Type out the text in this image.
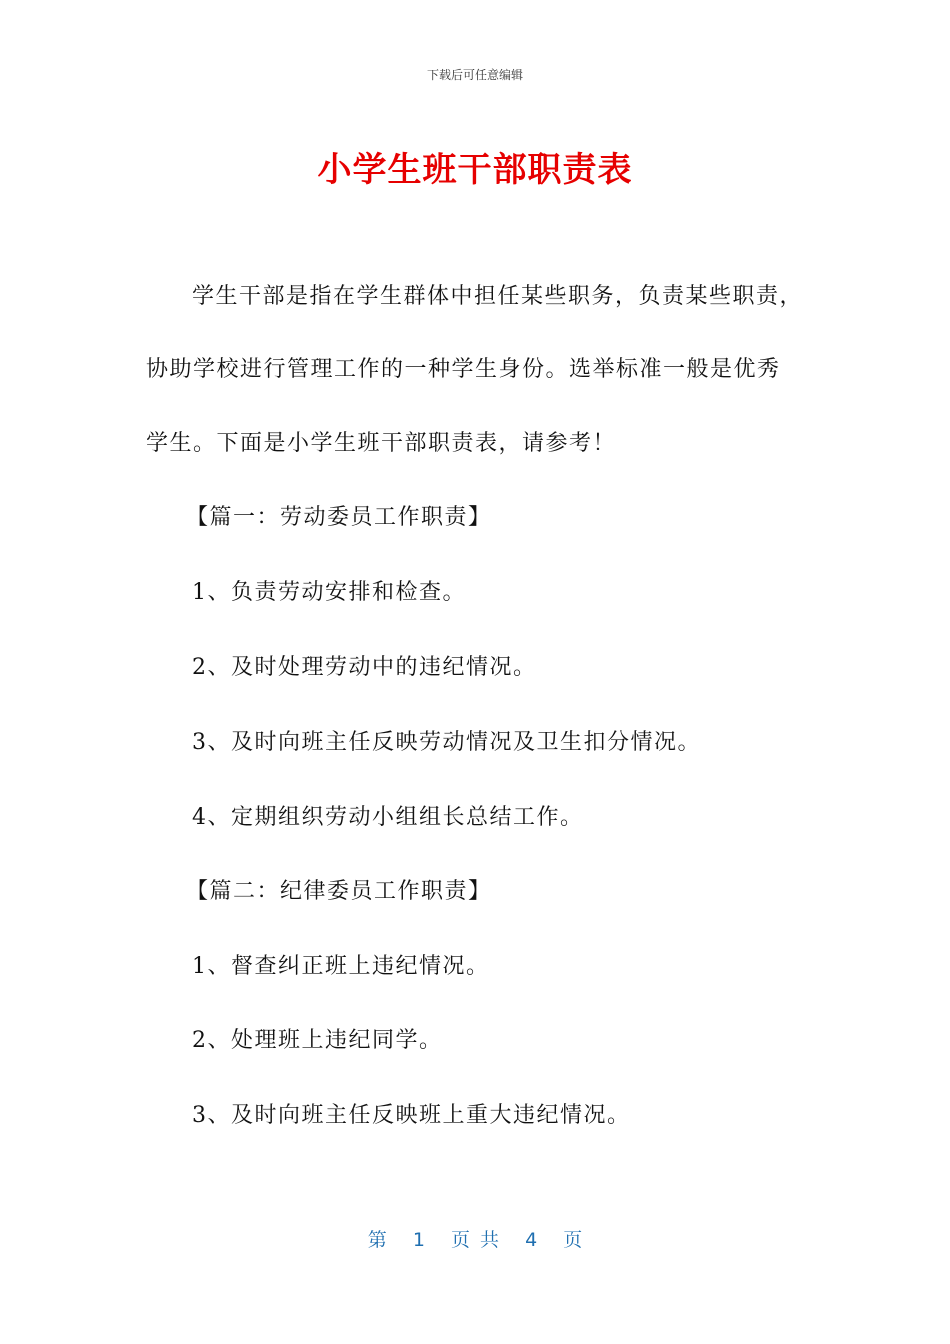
下载后可任意编辑
小学生班干部职责表
学生干部是指在学生群体中担任某些职务，负责某些职责，
协助学校进行管理工作的一种学生身份。选举标准一般是优秀
学生。下面是小学生班干部职责表，请参考！
【篇一：劳动委员工作职责】
1、负责劳动安排和检查。
2、及时处理劳动中的违纪情况。
3、及时向班主任反映劳动情况及卫生扣分情况。
4、定期组织劳动小组组长总结工作。
【篇二：纪律委员工作职责】
1、督查纠正班上违纪情况。
2、处理班上违纪同学。
3、及时向班主任反映班上重大违纪情况。
第 1 页 共 4 页
